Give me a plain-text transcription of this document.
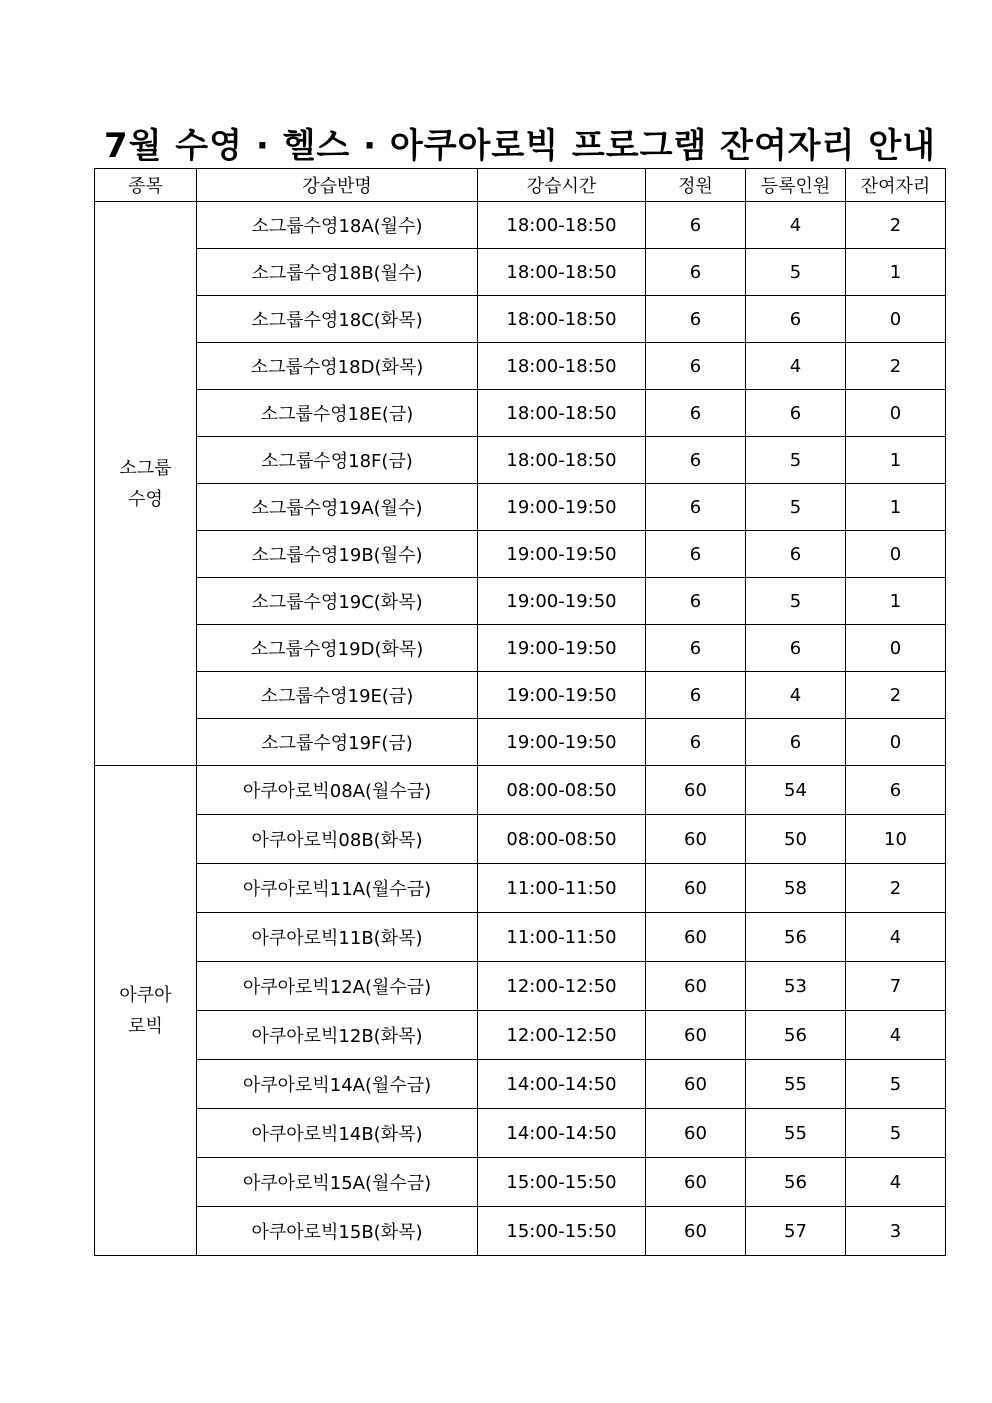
7월 수영 · 헬스 · 아쿠아로빅 프로그램 잔여자리 안내
종목	강습반명	강습시간	정원	등록인원	잔여자리

소그룹
수영	소그룹수영18A(월수)	18:00-18:50	6	4	2
	소그룹수영18B(월수)	18:00-18:50	6	5	1
	소그룹수영18C(화목)	18:00-18:50	6	6	0
	소그룹수영18D(화목)	18:00-18:50	6	4	2
	소그룹수영18E(금)	18:00-18:50	6	6	0
	소그룹수영18F(금)	18:00-18:50	6	5	1
	소그룹수영19A(월수)	19:00-19:50	6	5	1
	소그룹수영19B(월수)	19:00-19:50	6	6	0
	소그룹수영19C(화목)	19:00-19:50	6	5	1
	소그룹수영19D(화목)	19:00-19:50	6	6	0
	소그룹수영19E(금)	19:00-19:50	6	4	2
	소그룹수영19F(금)	19:00-19:50	6	6	0

아쿠아
로빅	아쿠아로빅08A(월수금)	08:00-08:50	60	54	6
	아쿠아로빅08B(화목)	08:00-08:50	60	50	10
	아쿠아로빅11A(월수금)	11:00-11:50	60	58	2
	아쿠아로빅11B(화목)	11:00-11:50	60	56	4
	아쿠아로빅12A(월수금)	12:00-12:50	60	53	7
	아쿠아로빅12B(화목)	12:00-12:50	60	56	4
	아쿠아로빅14A(월수금)	14:00-14:50	60	55	5
	아쿠아로빅14B(화목)	14:00-14:50	60	55	5
	아쿠아로빅15A(월수금)	15:00-15:50	60	56	4
	아쿠아로빅15B(화목)	15:00-15:50	60	57	3
